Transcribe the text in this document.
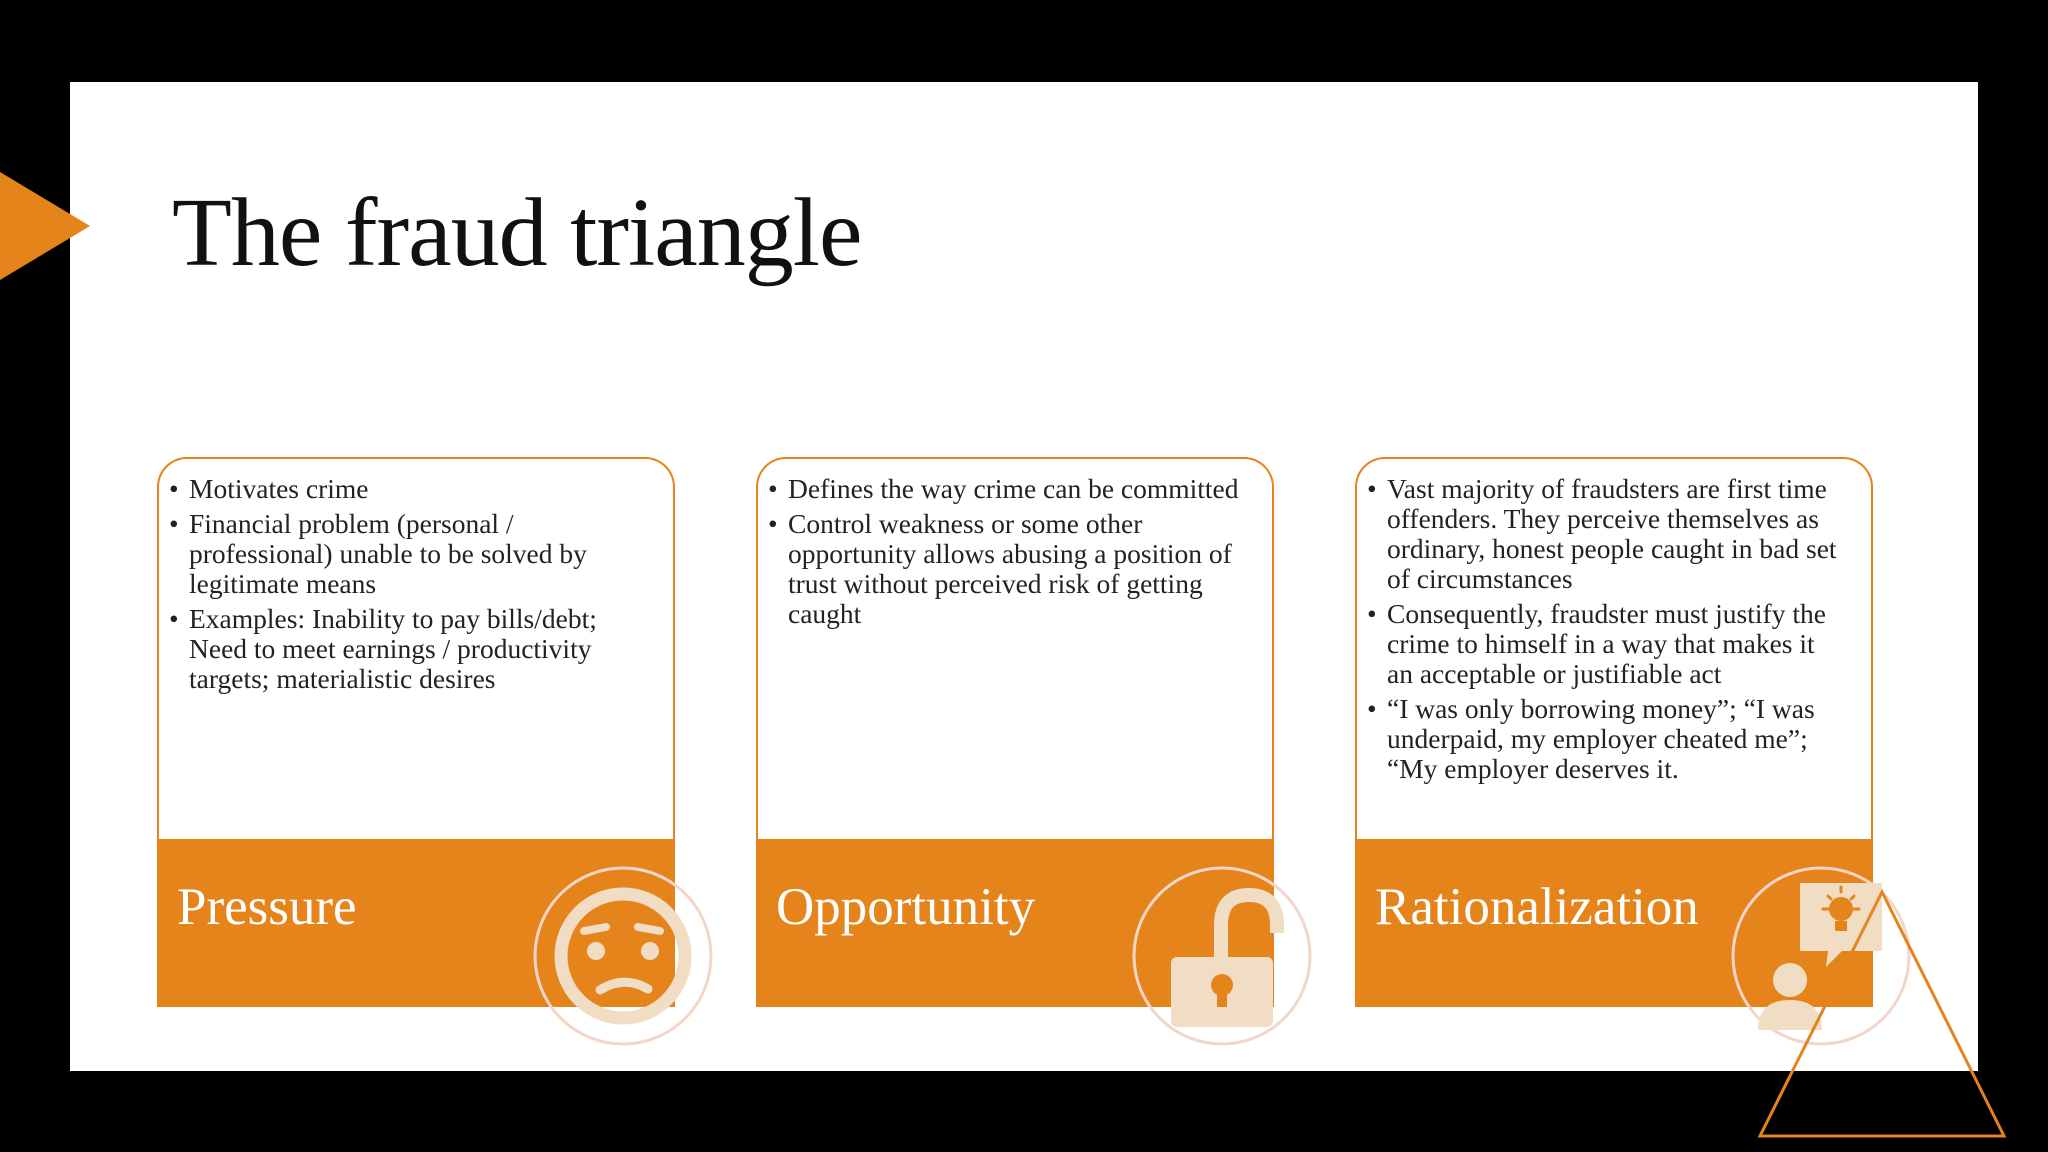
The fraud triangle
• Motivates crime
• Financial problem (personal / professional) unable to be solved by legitimate means
• Examples: Inability to pay bills/debt; Need to meet earnings / productivity targets; materialistic desires
Pressure
• Defines the way crime can be committed
• Control weakness or some other opportunity allows abusing a position of trust without perceived risk of getting caught
Opportunity
• Vast majority of fraudsters are first time offenders. They perceive themselves as ordinary, honest people caught in bad set of circumstances
• Consequently, fraudster must justify the crime to himself in a way that makes it an acceptable or justifiable act
• “I was only borrowing money”; “I was underpaid, my employer cheated me”; “My employer deserves it.
Rationalization
